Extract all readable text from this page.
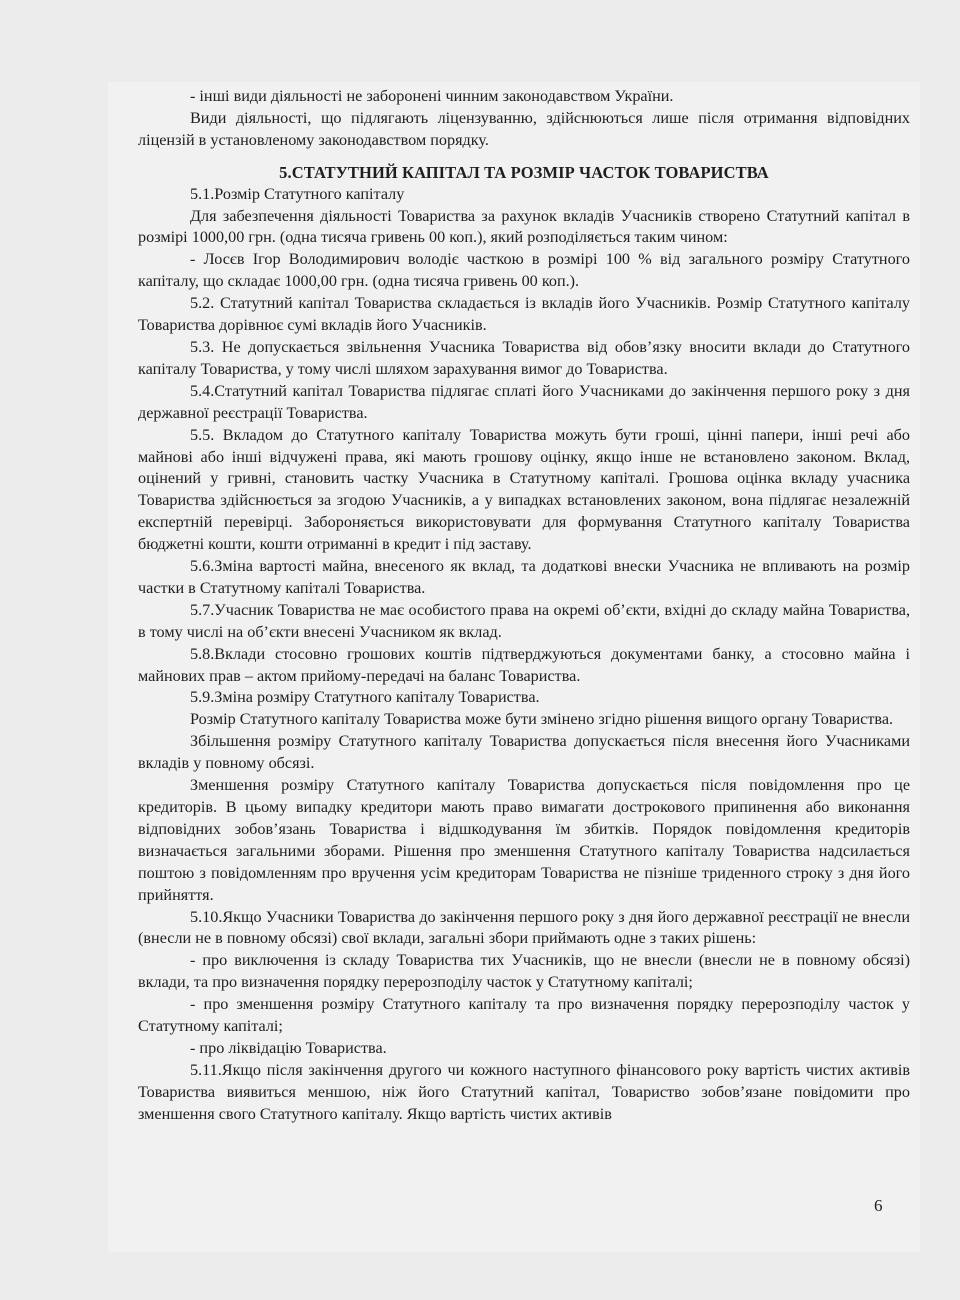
- інші види діяльності не заборонені чинним законодавством України.

Види діяльності, що підлягають ліцензуванню, здійснюються лише після отримання відповідних ліцензій в установленому законодавством порядку.

5.СТАТУТНИЙ КАПІТАЛ ТА РОЗМІР ЧАСТОК ТОВАРИСТВА

5.1.Розмір Статутного капіталу

Для забезпечення діяльності Товариства за рахунок вкладів Учасників створено Статутний капітал в розмірі 1000,00 грн. (одна тисяча гривень 00 коп.), який розподіляється таким чином:

- Лосєв Ігор Володимирович володіє часткою в розмірі 100 % від загального розміру Статутного капіталу, що складає 1000,00 грн. (одна тисяча гривень 00 коп.).

5.2. Статутний капітал Товариства складається із вкладів його Учасників. Розмір Статутного капіталу Товариства дорівнює сумі вкладів його Учасників.

5.3. Не допускається звільнення Учасника Товариства від обов’язку вносити вклади до Статутного капіталу Товариства, у тому числі шляхом зарахування вимог до Товариства.

5.4.Статутний капітал Товариства підлягає сплаті його Учасниками до закінчення першого року з дня державної реєстрації Товариства.

5.5. Вкладом до Статутного капіталу Товариства можуть бути гроші, цінні папери, інші речі або майнові або інші відчужені права, які мають грошову оцінку, якщо інше не встановлено законом. Вклад, оцінений у гривні, становить частку Учасника в Статутному капіталі. Грошова оцінка вкладу учасника Товариства здійснюється за згодою Учасників, а у випадках встановлених законом, вона підлягає незалежній експертній перевірці. Забороняється використовувати для формування Статутного капіталу Товариства бюджетні кошти, кошти отриманні в кредит і під заставу.

5.6.Зміна вартості майна, внесеного як вклад, та додаткові внески Учасника не впливають на розмір частки в Статутному капіталі Товариства.

5.7.Учасник Товариства не має особистого права на окремі об’єкти, вхідні до складу майна Товариства, в тому числі на об’єкти внесені Учасником як вклад.

5.8.Вклади стосовно грошових коштів підтверджуються документами банку, а стосовно майна і майнових прав – актом прийому-передачі на баланс Товариства.

5.9.Зміна розміру Статутного капіталу Товариства.

Розмір Статутного капіталу Товариства може бути змінено згідно рішення вищого органу Товариства.

Збільшення розміру Статутного капіталу Товариства допускається після внесення його Учасниками вкладів у повному обсязі.

Зменшення розміру Статутного капіталу Товариства допускається після повідомлення про це кредиторів. В цьому випадку кредитори мають право вимагати дострокового припинення або виконання відповідних зобов’язань Товариства і відшкодування їм збитків. Порядок повідомлення кредиторів визначається загальними зборами. Рішення про зменшення Статутного капіталу Товариства надсилається поштою з повідомленням про вручення усім кредиторам Товариства не пізніше триденного строку з дня його прийняття.

5.10.Якщо Учасники Товариства до закінчення першого року з дня його державної реєстрації не внесли (внесли не в повному обсязі) свої вклади, загальні збори приймають одне з таких рішень:

- про виключення із складу Товариства тих Учасників, що не внесли (внесли не в повному обсязі) вклади, та про визначення порядку перерозподілу часток у Статутному капіталі;

- про зменшення розміру Статутного капіталу та про визначення порядку перерозподілу часток у Статутному капіталі;

- про ліквідацію Товариства.

5.11.Якщо після закінчення другого чи кожного наступного фінансового року вартість чистих активів Товариства виявиться меншою, ніж його Статутний капітал, Товариство зобов’язане повідомити про зменшення свого Статутного капіталу. Якщо вартість чистих активів

6
